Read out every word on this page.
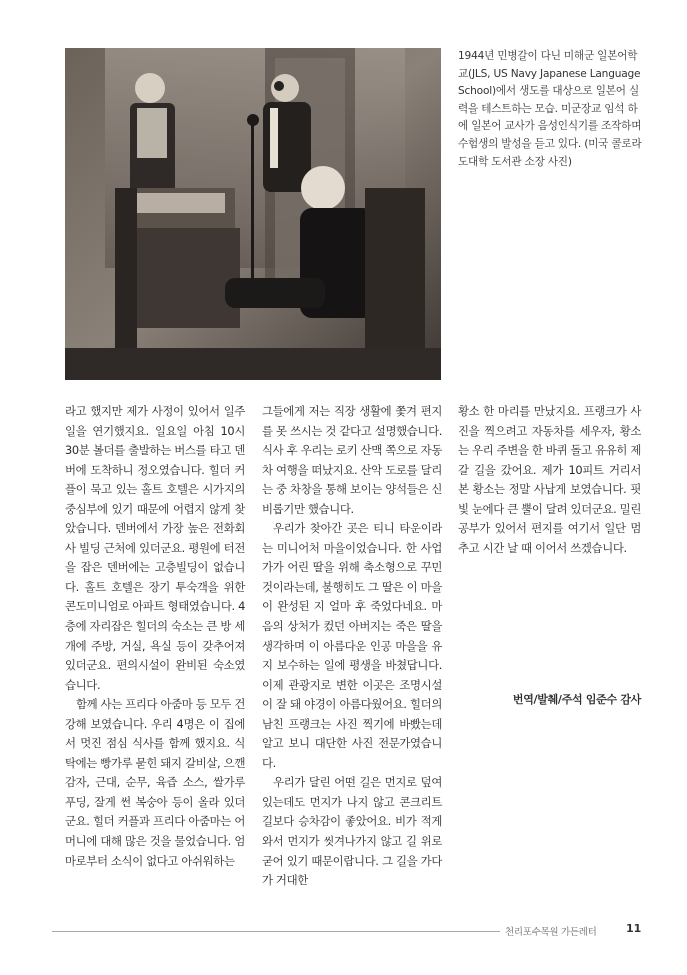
1944년 민병갈이 다닌 미해군 일본어학교(JLS, US Navy Japanese Language School)에서 생도를 대상으로 일본어 실력을 테스트하는 모습. 미군장교 임석 하에 일본어 교사가 음성인식기를 조작하며 수험생의 발성을 듣고 있다. (미국 콜로라도대학 도서관 소장 사진)

라고 했지만 제가 사정이 있어서 일주일을 연기했지요. 일요일 아침 10시 30분 볼더를 출발하는 버스를 타고 덴버에 도착하니 정오였습니다. 힐더 커플이 묵고 있는 홀트 호텔은 시가지의 중심부에 있기 때문에 어렵지 않게 찾았습니다. 덴버에서 가장 높은 전화회사 빌딩 근처에 있더군요. 평원에 터전을 잡은 덴버에는 고층빌딩이 없습니다. 홀트 호텔은 장기 투숙객을 위한 콘도미니엄로 아파트 형태였습니다. 4층에 자리잡은 힐더의 숙소는 큰 방 세 개에 주방, 거실, 욕실 등이 갖추어져 있더군요. 편의시설이 완비된 숙소였습니다.

함께 사는 프리다 아줌마 등 모두 건강해 보였습니다. 우리 4명은 이 집에서 멋진 점심 식사를 함께 했지요. 식탁에는 빵가루 묻힌 돼지 갈비살, 으깬 감자, 근대, 순무, 육즙 소스, 쌀가루 푸딩, 잘게 썬 복숭아 등이 올라 있더군요. 힐더 커플과 프리다 아줌마는 어머니에 대해 많은 것을 물었습니다. 엄마로부터 소식이 없다고 아쉬워하는

그들에게 저는 직장 생활에 쫓겨 편지를 못 쓰시는 것 같다고 설명했습니다. 식사 후 우리는 로키 산맥 쪽으로 자동차 여행을 떠났지요. 산악 도로를 달리는 중 차창을 통해 보이는 양석들은 신비롭기만 했습니다.

우리가 찾아간 곳은 티니 타운이라는 미니어처 마을이었습니다. 한 사업가가 어린 딸을 위해 축소형으로 꾸민 것이라는데, 불행히도 그 딸은 이 마을이 완성된 지 얼마 후 죽었다네요. 마음의 상처가 컸던 아버지는 죽은 딸을 생각하며 이 아름다운 인공 마을을 유지 보수하는 일에 평생을 바쳤답니다. 이제 관광지로 변한 이곳은 조명시설이 잘 돼 야경이 아름다웠어요. 힐더의 남친 프랭크는 사진 찍기에 바빴는데 알고 보니 대단한 사진 전문가였습니다.

우리가 달린 어떤 길은 먼지로 덮여 있는데도 먼지가 나지 않고 콘크리트 길보다 승차감이 좋았어요. 비가 적게 와서 먼지가 씻겨나가지 않고 길 위로 굳어 있기 때문이랍니다. 그 길을 가다가 거대한

황소 한 마리를 만났지요. 프랭크가 사진을 찍으려고 자동차를 세우자, 황소는 우리 주변을 한 바퀴 돌고 유유히 제 갈 길을 갔어요. 제가 10피트 거리서 본 황소는 정말 사납게 보였습니다. 핏빛 눈에다 큰 뿔이 달려 있더군요. 밀린 공부가 있어서 편지를 여기서 일단 멈추고 시간 날 때 이어서 쓰겠습니다.

번역/발췌/주석 임준수 감사
천리포수목원 가든레터	11
